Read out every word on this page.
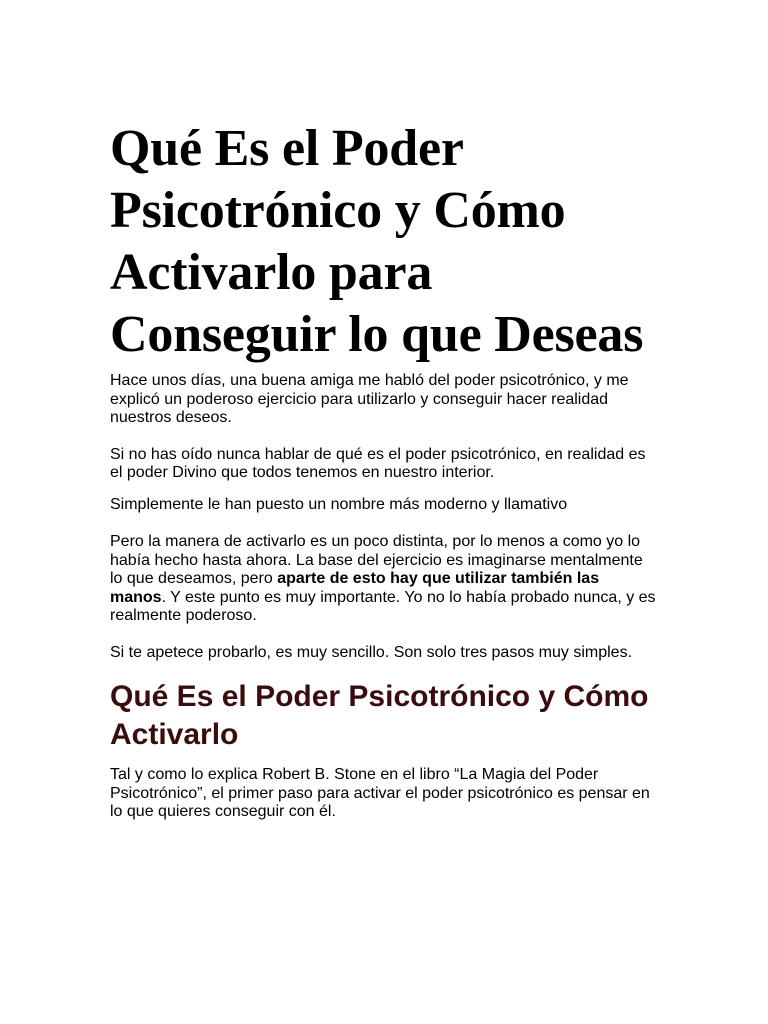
Qué Es el Poder Psicotrónico y Cómo Activarlo para Conseguir lo que Deseas

Hace unos días, una buena amiga me habló del poder psicotrónico, y me explicó un poderoso ejercicio para utilizarlo y conseguir hacer realidad nuestros deseos.

Si no has oído nunca hablar de qué es el poder psicotrónico, en realidad es el poder Divino que todos tenemos en nuestro interior.

Simplemente le han puesto un nombre más moderno y llamativo

Pero la manera de activarlo es un poco distinta, por lo menos a como yo lo había hecho hasta ahora. La base del ejercicio es imaginarse mentalmente lo que deseamos, pero aparte de esto hay que utilizar también las manos. Y este punto es muy importante. Yo no lo había probado nunca, y es realmente poderoso.

Si te apetece probarlo, es muy sencillo. Son solo tres pasos muy simples.

Qué Es el Poder Psicotrónico y Cómo Activarlo

Tal y como lo explica Robert B. Stone en el libro “La Magia del Poder Psicotrónico”, el primer paso para activar el poder psicotrónico es pensar en lo que quieres conseguir con él.
